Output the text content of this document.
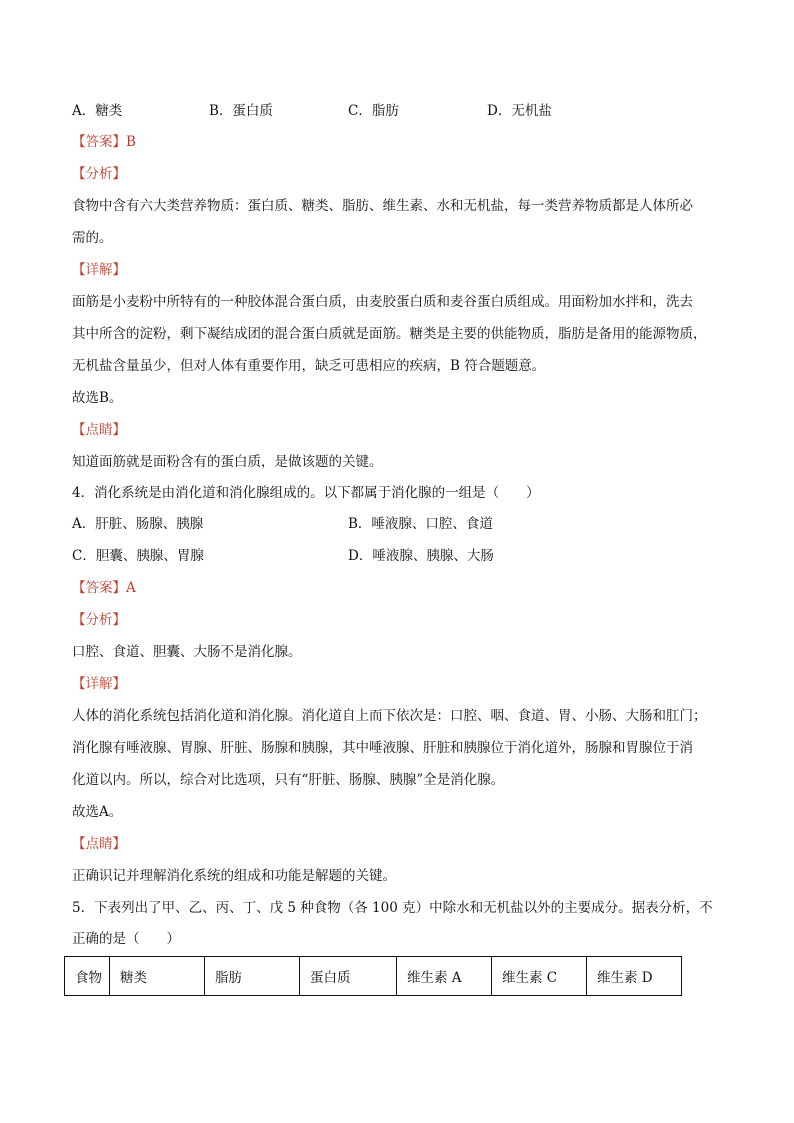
A．糖类	B．蛋白质	C．脂肪	D．无机盐
【答案】B
【分析】
食物中含有六大类营养物质：蛋白质、糖类、脂肪、维生素、水和无机盐，每一类营养物质都是人体所必
需的。
【详解】
面筋是小麦粉中所特有的一种胶体混合蛋白质，由麦胶蛋白质和麦谷蛋白质组成。用面粉加水拌和，洗去
其中所含的淀粉，剩下凝结成团的混合蛋白质就是面筋。糖类是主要的供能物质，脂肪是备用的能源物质，
无机盐含量虽少，但对人体有重要作用，缺乏可患相应的疾病，B 符合题题意。
故选B。
【点睛】
知道面筋就是面粉含有的蛋白质，是做该题的关键。
4．消化系统是由消化道和消化腺组成的。以下都属于消化腺的一组是（　　）
A．肝脏、肠腺、胰腺	B．唾液腺、口腔、食道
C．胆囊、胰腺、胃腺	D．唾液腺、胰腺、大肠
【答案】A
【分析】
口腔、食道、胆囊、大肠不是消化腺。
【详解】
人体的消化系统包括消化道和消化腺。消化道自上而下依次是：口腔、咽、食道、胃、小肠、大肠和肛门；
消化腺有唾液腺、胃腺、肝脏、肠腺和胰腺，其中唾液腺、肝脏和胰腺位于消化道外，肠腺和胃腺位于消
化道以内。所以，综合对比选项，只有“肝脏、肠腺、胰腺”全是消化腺。
故选A。
【点睛】
正确识记并理解消化系统的组成和功能是解题的关键。
5．下表列出了甲、乙、丙、丁、戊 5 种食物（各 100 克）中除水和无机盐以外的主要成分。据表分析，不
正确的是（　　）
食物	糖类	脂肪	蛋白质	维生素 A	维生素 C	维生素 D
